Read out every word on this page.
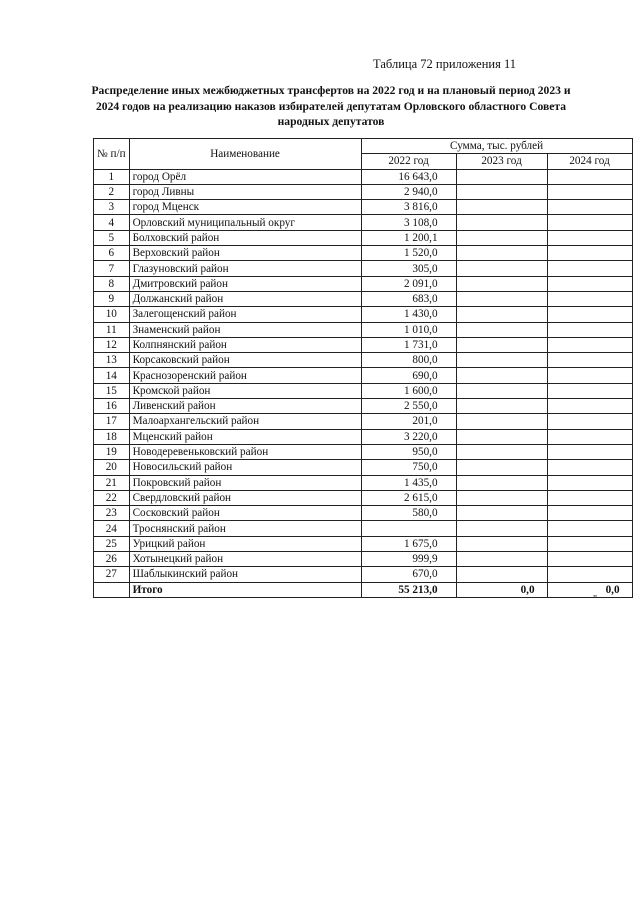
Таблица 72 приложения 11
Распределение иных межбюджетных трансфертов на 2022 год и на плановый период 2023 и 2024 годов на реализацию наказов избирателей депутатам Орловского областного Совета народных депутатов
№ п/п	Наименование	Сумма, тыс. рублей		
		2022 год	2023 год	2024 год
1	город Орёл	16 643,0		
2	город Ливны	2 940,0		
3	город Мценск	3 816,0		
4	Орловский муниципальный округ	3 108,0		
5	Болховский район	1 200,1		
6	Верховский район	1 520,0		
7	Глазуновский район	305,0		
8	Дмитровский район	2 091,0		
9	Должанский район	683,0		
10	Залегощенский район	1 430,0		
11	Знаменский район	1 010,0		
12	Колпнянский район	1 731,0		
13	Корсаковский район	800,0		
14	Краснозоренский район	690,0		
15	Кромской район	1 600,0		
16	Ливенский район	2 550,0		
17	Малоархангельский район	201,0		
18	Мценский район	3 220,0		
19	Новодеревеньковский район	950,0		
20	Новосильский район	750,0		
21	Покровский район	1 435,0		
22	Свердловский район	2 615,0		
23	Сосковский район	580,0		
24	Троснянский район			
25	Урицкий район	1 675,0		
26	Хотынецкий район	999,9		
27	Шаблыкинский район	670,0		
	Итого	55 213,0	0,0	0,0
"
